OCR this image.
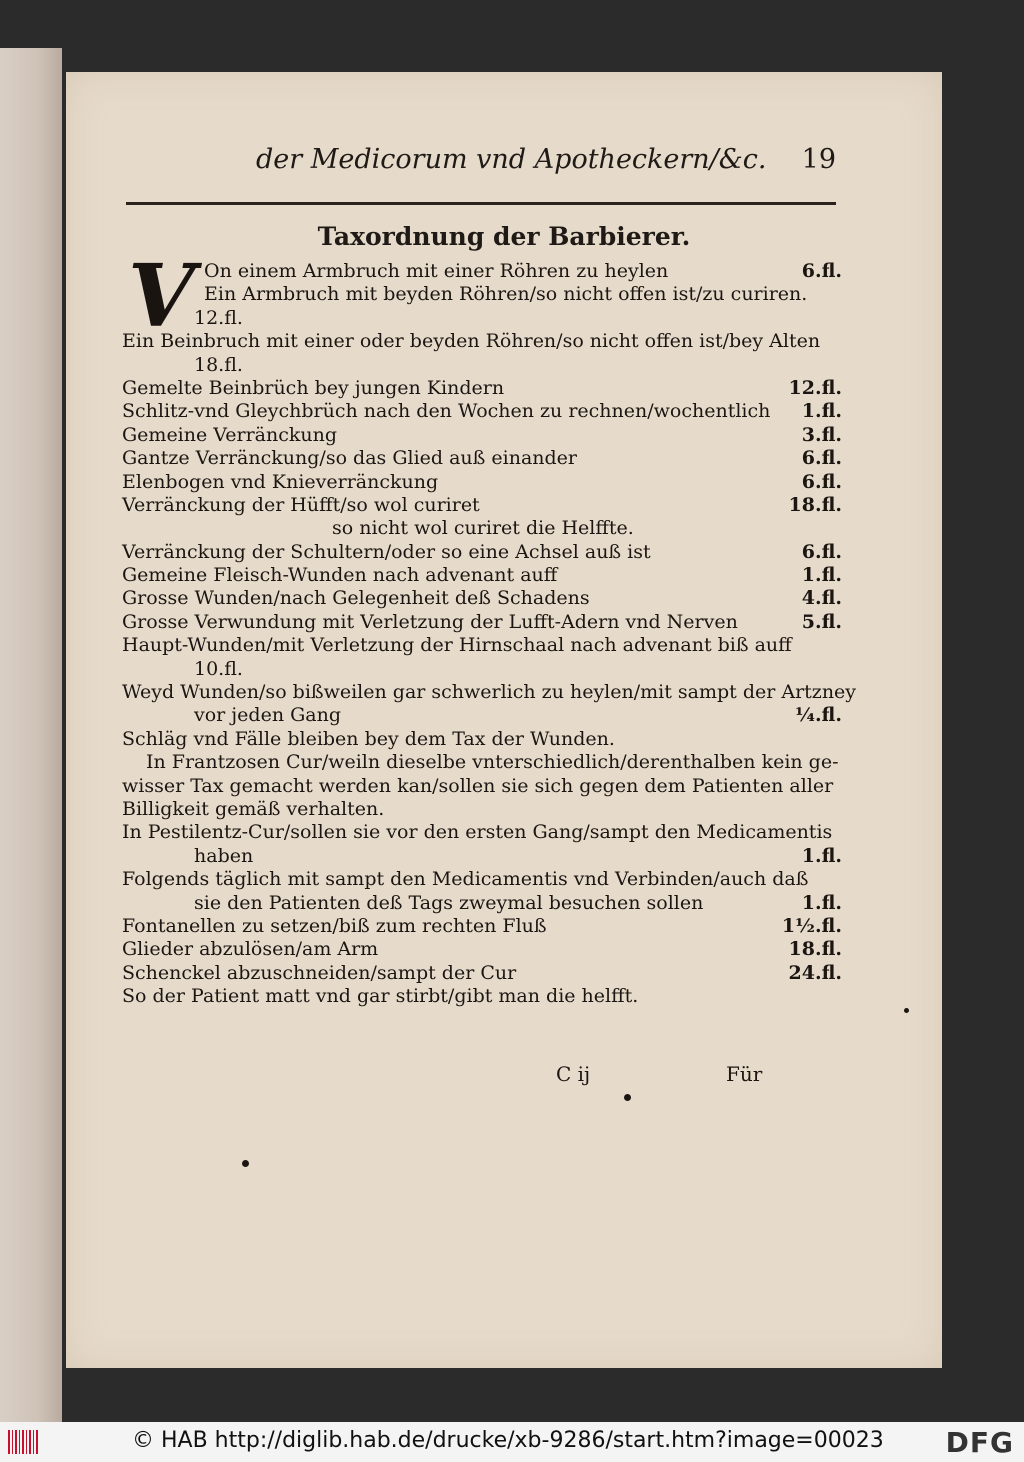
der Medicorum vnd Apotheckern/&c. 19
Taxordnung der Barbierer.
V On einem Armbruch mit einer Röhren zu heylen	6.fl.
Ein Armbruch mit beyden Röhren/so nicht offen ist/zu curiren.
12.fl.
Ein Beinbruch mit einer oder beyden Röhren/so nicht offen ist/bey Alten
18.fl.
Gemelte Beinbrüch bey jungen Kindern	12.fl.
Schlitz-vnd Gleychbrüch nach den Wochen zu rechnen/wochentlich 1.fl.
Gemeine Verränckung	3.fl.
Gantze Verränckung/so das Glied auß einander	6.fl.
Elenbogen vnd Knieverränckung	6.fl.
Verränckung der Hüfft/so wol curiret	18.fl.
so nicht wol curiret die Helffte.
Verränckung der Schultern/oder so eine Achsel auß ist	6.fl.
Gemeine Fleisch-Wunden nach advenant auff	1.fl.
Grosse Wunden/nach Gelegenheit deß Schadens	4.fl.
Grosse Verwundung mit Verletzung der Lufft-Adern vnd Nerven	5.fl.
Haupt-Wunden/mit Verletzung der Hirnschaal nach advenant biß auff
10.fl.
Weyd Wunden/so bißweilen gar schwerlich zu heylen/mit sampt der Artzney
vor jeden Gang	¼.fl.
Schläg vnd Fälle bleiben bey dem Tax der Wunden.
In Frantzosen Cur/weiln dieselbe vnterschiedlich/derenthalben kein ge-
wisser Tax gemacht werden kan/sollen sie sich gegen dem Patienten aller
Billigkeit gemäß verhalten.
In Pestilentz-Cur/sollen sie vor den ersten Gang/sampt den Medicamentis
haben	1.fl.
Folgends täglich mit sampt den Medicamentis vnd Verbinden/auch daß
sie den Patienten deß Tags zweymal besuchen sollen	1.fl.
Fontanellen zu setzen/biß zum rechten Fluß	1½.fl.
Glieder abzulösen/am Arm	18.fl.
Schenckel abzuschneiden/sampt der Cur	24.fl.
So der Patient matt vnd gar stirbt/gibt man die helfft.
C ij	Für
© HAB http://diglib.hab.de/drucke/xb-9286/start.htm?image=00023 DFG
